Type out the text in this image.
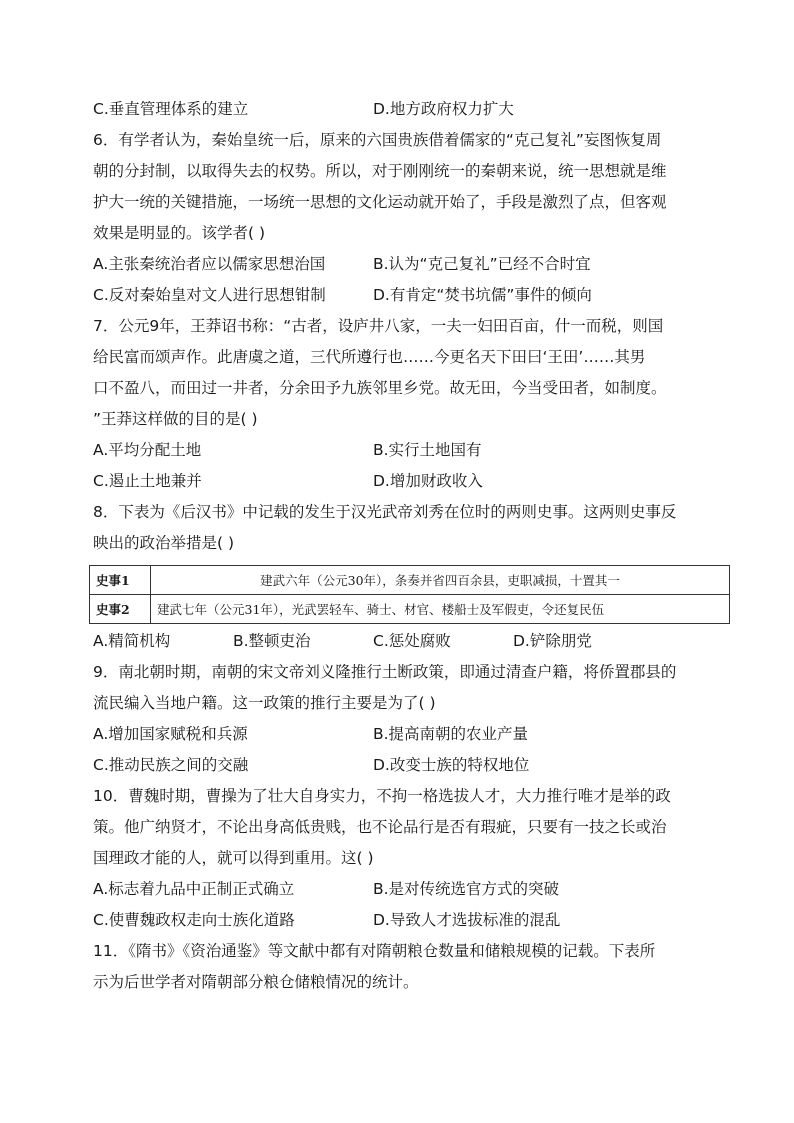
C.垂直管理体系的建立	D.地方政府权力扩大
6．有学者认为，秦始皇统一后，原来的六国贵族借着儒家的“克己复礼”妄图恢复周
朝的分封制，以取得失去的权势。所以，对于刚刚统一的秦朝来说，统一思想就是维
护大一统的关键措施，一场统一思想的文化运动就开始了，手段是激烈了点，但客观
效果是明显的。该学者( )
A.主张秦统治者应以儒家思想治国	B.认为“克己复礼”已经不合时宜
C.反对秦始皇对文人进行思想钳制	D.有肯定“焚书坑儒”事件的倾向
7．公元9年，王莽诏书称：“古者，设庐井八家，一夫一妇田百亩，什一而税，则国
给民富而颂声作。此唐虞之道，三代所遵行也……今更名天下田曰‘王田’……其男
口不盈八，而田过一井者，分余田予九族邻里乡党。故无田，今当受田者，如制度。
”王莽这样做的目的是( )
A.平均分配土地	B.实行土地国有
C.遏止土地兼并	D.增加财政收入
8．下表为《后汉书》中记载的发生于汉光武帝刘秀在位时的两则史事。这两则史事反
映出的政治举措是( )
史事1	建武六年（公元30年），条奏并省四百余县，吏职减损，十置其一
史事2	建武七年（公元31年），光武罢轻车、骑士、材官、楼船士及军假吏，令还复民伍
A.精简机构	B.整顿吏治	C.惩处腐败	D.铲除朋党
9．南北朝时期，南朝的宋文帝刘义隆推行土断政策，即通过清查户籍，将侨置郡县的
流民编入当地户籍。这一政策的推行主要是为了( )
A.增加国家赋税和兵源	B.提高南朝的农业产量
C.推动民族之间的交融	D.改变士族的特权地位
10．曹魏时期，曹操为了壮大自身实力，不拘一格选拔人才，大力推行唯才是举的政
策。他广纳贤才，不论出身高低贵贱，也不论品行是否有瑕疵，只要有一技之长或治
国理政才能的人，就可以得到重用。这( )
A.标志着九品中正制正式确立	B.是对传统选官方式的突破
C.使曹魏政权走向士族化道路	D.导致人才选拔标准的混乱
11．《隋书》《资治通鉴》等文献中都有对隋朝粮仓数量和储粮规模的记载。下表所
示为后世学者对隋朝部分粮仓储粮情况的统计。
